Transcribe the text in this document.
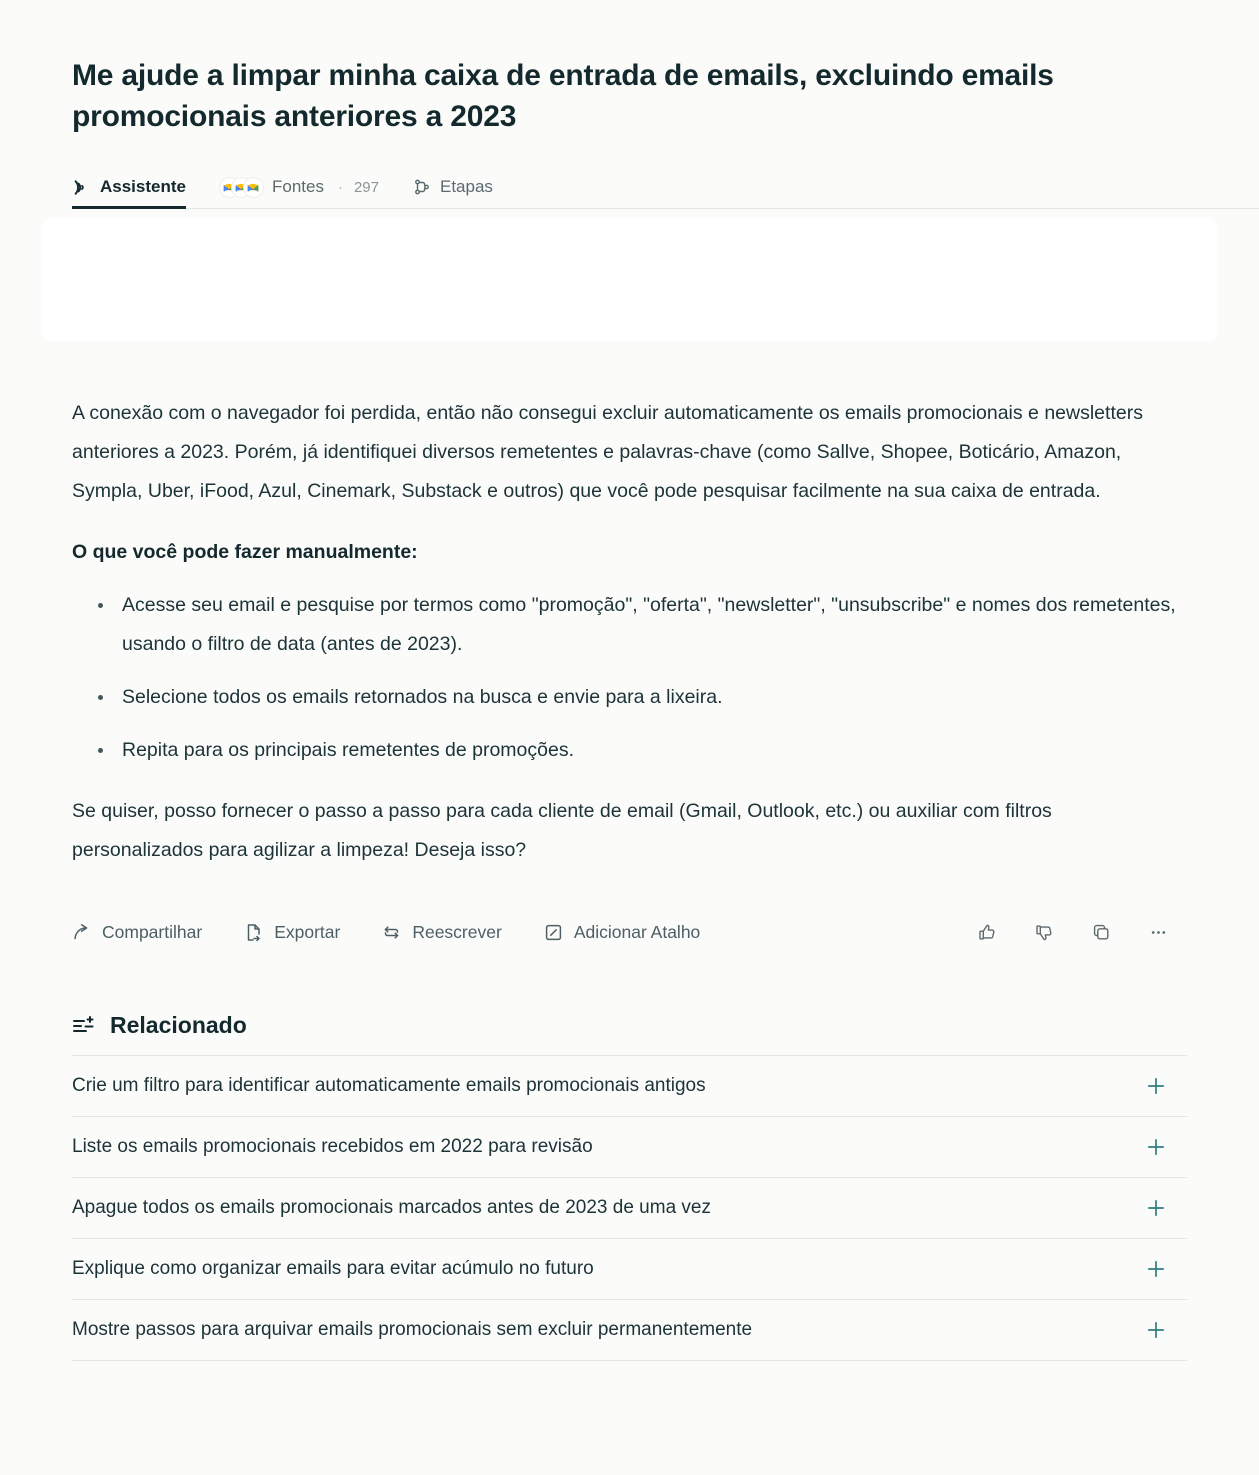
Me ajude a limpar minha caixa de entrada de emails, excluindo emails promocionais anteriores a 2023
Assistente	Fontes · 297	Etapas

A conexão com o navegador foi perdida, então não consegui excluir automaticamente os emails promocionais e newsletters anteriores a 2023. Porém, já identifiquei diversos remetentes e palavras-chave (como Sallve, Shopee, Boticário, Amazon, Sympla, Uber, iFood, Azul, Cinemark, Substack e outros) que você pode pesquisar facilmente na sua caixa de entrada.

O que você pode fazer manualmente:

Acesse seu email e pesquise por termos como "promoção", "oferta", "newsletter", "unsubscribe" e nomes dos remetentes, usando o filtro de data (antes de 2023).
Selecione todos os emails retornados na busca e envie para a lixeira.
Repita para os principais remetentes de promoções.

Se quiser, posso fornecer o passo a passo para cada cliente de email (Gmail, Outlook, etc.) ou auxiliar com filtros personalizados para agilizar a limpeza! Deseja isso?

Compartilhar	Exportar	Reescrever	Adicionar Atalho
Relacionado
Crie um filtro para identificar automaticamente emails promocionais antigos
Liste os emails promocionais recebidos em 2022 para revisão
Apague todos os emails promocionais marcados antes de 2023 de uma vez
Explique como organizar emails para evitar acúmulo no futuro
Mostre passos para arquivar emails promocionais sem excluir permanentemente
